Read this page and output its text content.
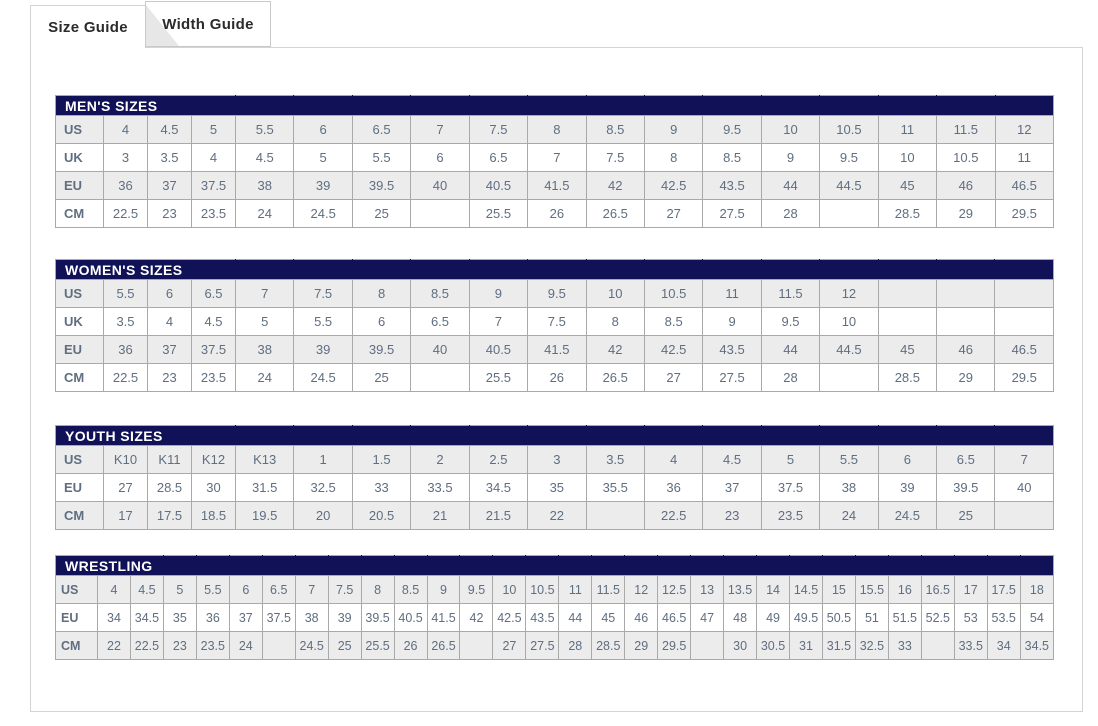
Size Guide Width Guide
MEN'S SIZES																	
US	4	4.5	5	5.5	6	6.5	7	7.5	8	8.5	9	9.5	10	10.5	11	11.5	12
UK	3	3.5	4	4.5	5	5.5	6	6.5	7	7.5	8	8.5	9	9.5	10	10.5	11
EU	36	37	37.5	38	39	39.5	40	40.5	41.5	42	42.5	43.5	44	44.5	45	46	46.5
CM	22.5	23	23.5	24	24.5	25		25.5	26	26.5	27	27.5	28		28.5	29	29.5
WOMEN'S SIZES																	
US	5.5	6	6.5	7	7.5	8	8.5	9	9.5	10	10.5	11	11.5	12			
UK	3.5	4	4.5	5	5.5	6	6.5	7	7.5	8	8.5	9	9.5	10			
EU	36	37	37.5	38	39	39.5	40	40.5	41.5	42	42.5	43.5	44	44.5	45	46	46.5
CM	22.5	23	23.5	24	24.5	25		25.5	26	26.5	27	27.5	28		28.5	29	29.5
YOUTH SIZES																	
US	K10	K11	K12	K13	1	1.5	2	2.5	3	3.5	4	4.5	5	5.5	6	6.5	7
EU	27	28.5	30	31.5	32.5	33	33.5	34.5	35	35.5	36	37	37.5	38	39	39.5	40
CM	17	17.5	18.5	19.5	20	20.5	21	21.5	22		22.5	23	23.5	24	24.5	25	
WRESTLING																													
US	4	4.5	5	5.5	6	6.5	7	7.5	8	8.5	9	9.5	10	10.5	11	11.5	12	12.5	13	13.5	14	14.5	15	15.5	16	16.5	17	17.5	18
EU	34	34.5	35	36	37	37.5	38	39	39.5	40.5	41.5	42	42.5	43.5	44	45	46	46.5	47	48	49	49.5	50.5	51	51.5	52.5	53	53.5	54
CM	22	22.5	23	23.5	24		24.5	25	25.5	26	26.5		27	27.5	28	28.5	29	29.5		30	30.5	31	31.5	32.5	33		33.5	34	34.5
